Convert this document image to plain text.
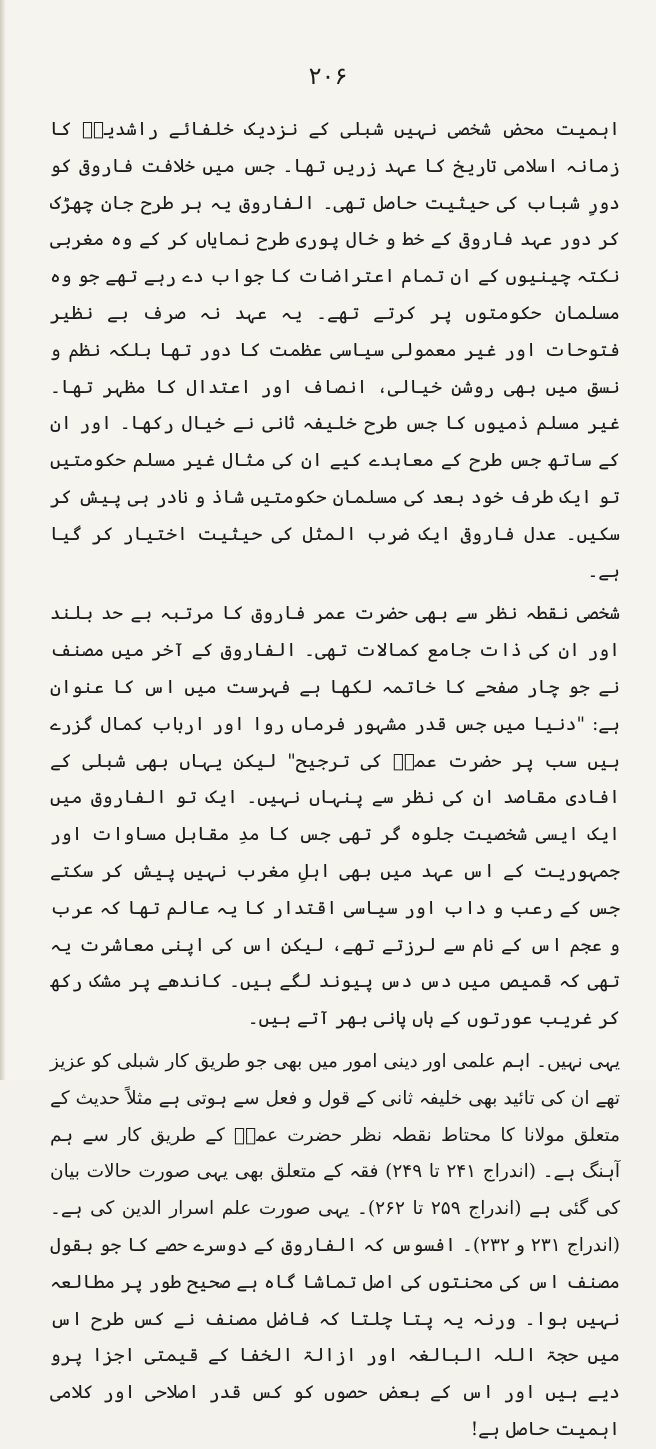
۲۰۶

اہمیت محض شخصی نہیں شبلی کے نزدیک خلفائے راشدینؓ کا زمانہ اسلامی تاریخ کا عہد زریں تھا۔ جس میں خلافت فاروقی کو دورِ شباب کی حیثیت حاصل تھی۔ الفاروق یہ ہر طرح جان چھڑک کر دور عہد فاروقی کے خط و خال پوری طرح نمایاں کر کے وہ مغربی نکتہ چینیوں کے ان تمام اعتراضات کا جواب دے رہے تھے جو وہ مسلمان حکومتوں پر کرتے تھے۔ یہ عہد نہ صرف بے نظیر فتوحات اور غیر معمولی سیاسی عظمت کا دور تھا بلکہ نظم و نسق میں بھی روشن خیالی، انصاف اور اعتدال کا مظہر تھا۔ غیر مسلم ذمیوں کا جس طرح خلیفہ ثانی نے خیال رکھا۔ اور ان کے ساتھ جس طرح کے معاہدے کیے ان کی مثال غیر مسلم حکومتیں تو ایک طرف خود بعد کی مسلمان حکومتیں شاذ و نادر ہی پیش کر سکیں۔ عدل فاروقی ایک ضرب المثل کی حیثیت اختیار کر گیا ہے۔

شخصی نقطہ نظر سے بھی حضرت عمر فاروق کا مرتبہ بے حد بلند اور ان کی ذات جامع کمالات تھی۔ الفاروق کے آخر میں مصنف نے جو چار صفحے کا خاتمہ لکھا ہے فہرست میں اس کا عنوان ہے: "دنیا میں جس قدر مشہور فرماں روا اور ارباب کمال گزرے ہیں سب پر حضرت عمرؓ کی ترجیح" لیکن یہاں بھی شبلی کے افادی مقاصد ان کی نظر سے پنہاں نہیں۔ ایک تو الفاروق میں ایک ایسی شخصیت جلوہ گر تھی جس کا مدِ مقابل مساوات اور جمہوریت کے اس عہد میں بھی اہلِ مغرب نہیں پیش کر سکتے جس کے رعب و داب اور سیاسی اقتدار کا یہ عالم تھا کہ عرب و عجم اس کے نام سے لرزتے تھے، لیکن اس کی اپنی معاشرت یہ تھی کہ قمیص میں دس دس پیوند لگے ہیں۔ کاندھے پر مشک رکھ کر غریب عورتوں کے ہاں پانی بھر آتے ہیں۔

یہی نہیں۔ اہم علمی اور دینی امور میں بھی جو طریق کار شبلی کو عزیز تھے ان کی تائید بھی خلیفہ ثانی کے قول و فعل سے ہوتی ہے مثلاً حدیث کے متعلق مولانا کا محتاط نقطہ نظر حضرت عمرؓ کے طریق کار سے ہم آہنگ ہے۔ (اندراج ۲۴۱ تا ۲۴۹) فقہ کے متعلق بھی یہی صورت حالات بیان کی گئی ہے (اندراج ۲۵۹ تا ۲۶۲)۔ یہی صورت علم اسرار الدین کی ہے۔ (اندراج ۲۳۱ و ۲۳۲)۔ افسوس کہ الفاروق کے دوسرے حصے کا جو بقول مصنف اس کی محنتوں کی اصل تماشا گاہ ہے صحیح طور پر مطالعہ نہیں ہوا۔ ورنہ یہ پتا چلتا کہ فاضل مصنف نے کس طرح اس میں حجۃ اللہ البالغہ اور ازالۃ الخفا کے قیمتی اجزا پرو دیے ہیں اور اس کے بعض حصوں کو کس قدر اصلاحی اور کلامی اہمیت حاصل ہے!
